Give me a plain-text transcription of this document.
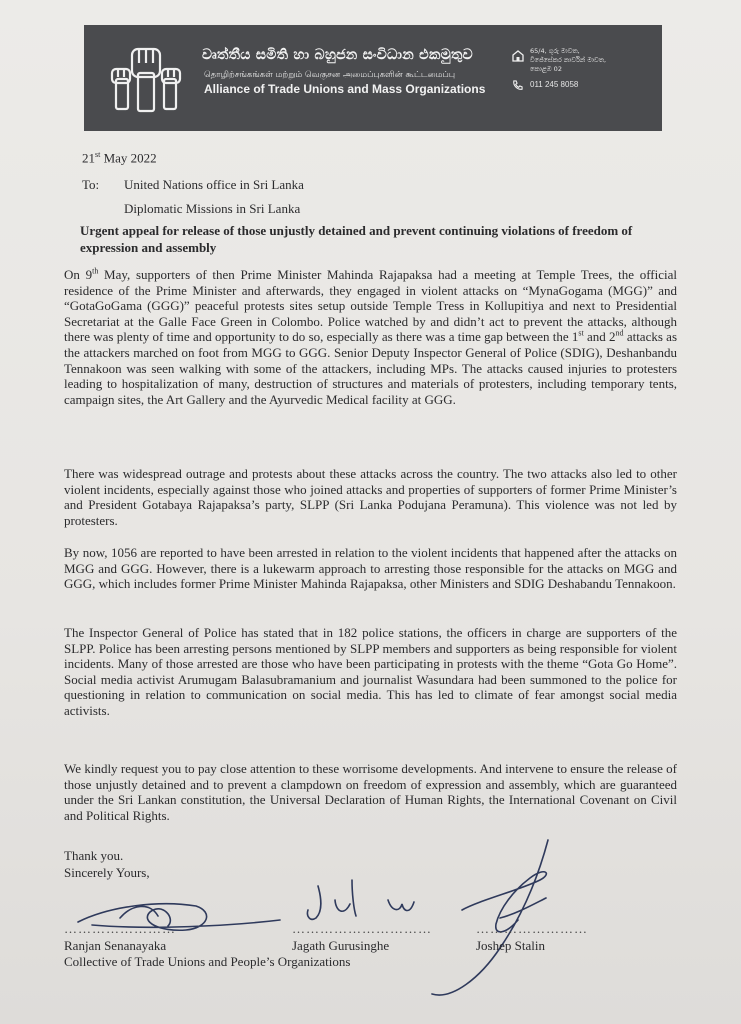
වෘත්තීය සමිති හා බහුජන සංවිධාන එකමුතුව
தொழிற்சங்கங்கள் மற்றும் வெகுசன அமைப்புகளின் கூட்டமைப்பு
Alliance of Trade Unions and Mass Organizations
65/4, ගුරු මාවත,
විජේසේකර නාර්වින් මාවත,
කොළඹ 02
011 245 8058
21st May 2022
To: United Nations office in Sri Lanka
Diplomatic Missions in Sri Lanka
Urgent appeal for release of those unjustly detained and prevent continuing violations of freedom of expression and assembly
On 9th May, supporters of then Prime Minister Mahinda Rajapaksa had a meeting at Temple Trees, the official residence of the Prime Minister and afterwards, they engaged in violent attacks on “MynaGogama (MGG)” and “GotaGoGama (GGG)” peaceful protests sites setup outside Temple Tress in Kollupitiya and next to Presidential Secretariat at the Galle Face Green in Colombo. Police watched by and didn’t act to prevent the attacks, although there was plenty of time and opportunity to do so, especially as there was a time gap between the 1st and 2nd attacks as the attackers marched on foot from MGG to GGG. Senior Deputy Inspector General of Police (SDIG), Deshanbandu Tennakoon was seen walking with some of the attackers, including MPs. The attacks caused injuries to protesters leading to hospitalization of many, destruction of structures and materials of protesters, including temporary tents, campaign sites, the Art Gallery and the Ayurvedic Medical facility at GGG.
There was widespread outrage and protests about these attacks across the country. The two attacks also led to other violent incidents, especially against those who joined attacks and properties of supporters of former Prime Minister’s and President Gotabaya Rajapaksa’s party, SLPP (Sri Lanka Podujana Peramuna). This violence was not led by protesters.
By now, 1056 are reported to have been arrested in relation to the violent incidents that happened after the attacks on MGG and GGG. However, there is a lukewarm approach to arresting those responsible for the attacks on MGG and GGG, which includes former Prime Minister Mahinda Rajapaksa, other Ministers and SDIG Deshabandu Tennakoon.
The Inspector General of Police has stated that in 182 police stations, the officers in charge are supporters of the SLPP. Police has been arresting persons mentioned by SLPP members and supporters as being responsible for violent incidents. Many of those arrested are those who have been participating in protests with the theme “Gota Go Home”. Social media activist Arumugam Balasubramanium and journalist Wasundara had been summoned to the police for questioning in relation to communication on social media. This has led to climate of fear amongst social media activists.
We kindly request you to pay close attention to these worrisome developments. And intervene to ensure the release of those unjustly detained and to prevent a clampdown on freedom of expression and assembly, which are guaranteed under the Sri Lankan constitution, the Universal Declaration of Human Rights, the International Covenant on Civil and Political Rights.
Thank you.
Sincerely Yours,
……………………	…………………………	……………………
Ranjan Senanayaka	Jagath Gurusinghe	Joshep Stalin
Collective of Trade Unions and People’s Organizations
